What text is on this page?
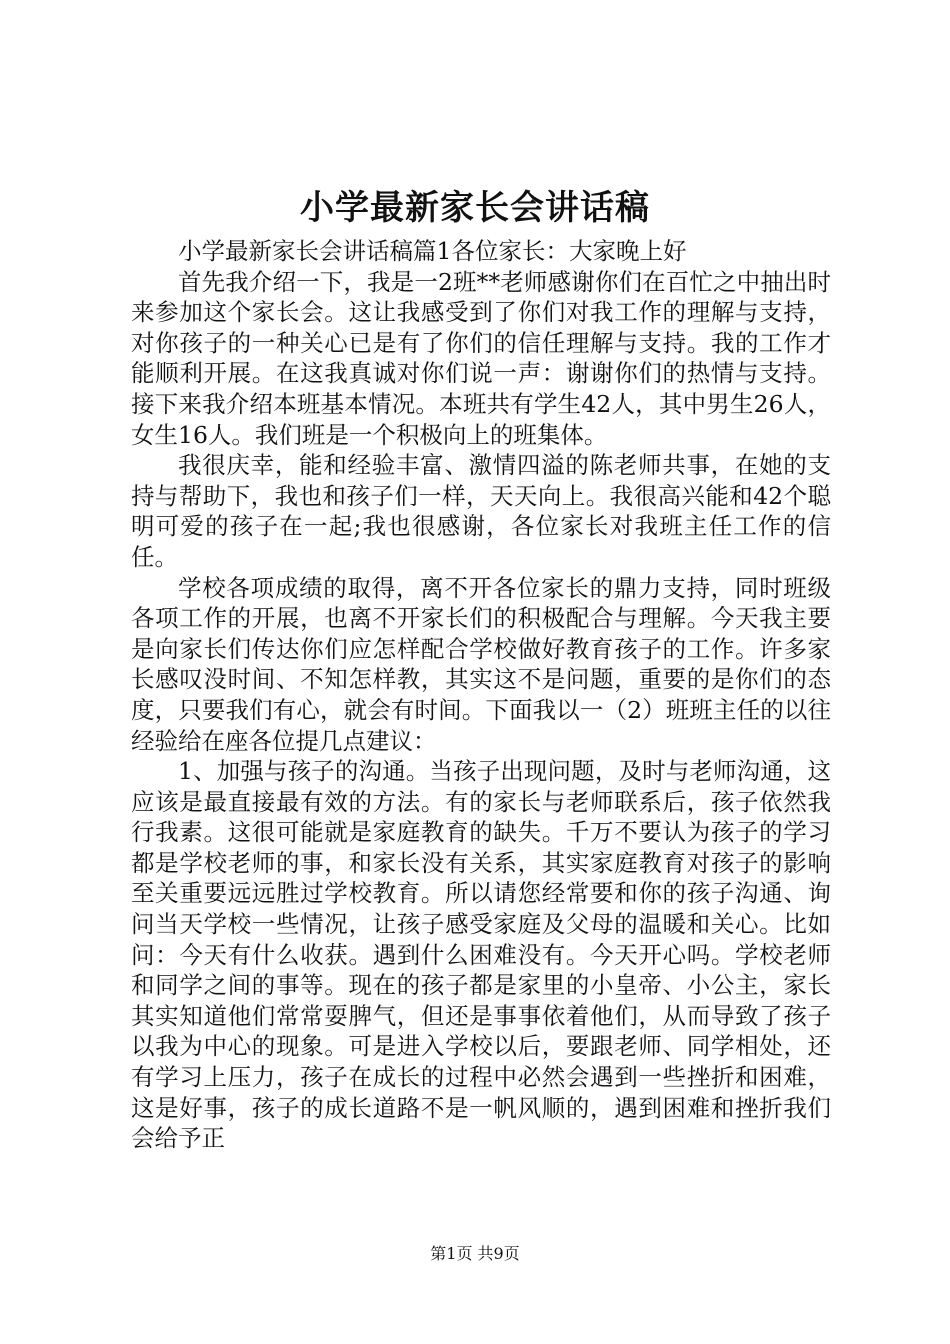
小学最新家长会讲话稿

小学最新家长会讲话稿篇1各位家长：大家晚上好

首先我介绍一下，我是一2班**老师感谢你们在百忙之中抽出时来参加这个家长会。这让我感受到了你们对我工作的理解与支持，对你孩子的一种关心已是有了你们的信任理解与支持。我的工作才能顺利开展。在这我真诚对你们说一声：谢谢你们的热情与支持。接下来我介绍本班基本情况。本班共有学生42人，其中男生26人，女生16人。我们班是一个积极向上的班集体。

我很庆幸，能和经验丰富、激情四溢的陈老师共事，在她的支持与帮助下，我也和孩子们一样，天天向上。我很高兴能和42个聪明可爱的孩子在一起;我也很感谢，各位家长对我班主任工作的信任。

学校各项成绩的取得，离不开各位家长的鼎力支持，同时班级各项工作的开展，也离不开家长们的积极配合与理解。今天我主要是向家长们传达你们应怎样配合学校做好教育孩子的工作。许多家长感叹没时间、不知怎样教，其实这不是问题，重要的是你们的态度，只要我们有心，就会有时间。下面我以一（2）班班主任的以往经验给在座各位提几点建议：

1、加强与孩子的沟通。当孩子出现问题，及时与老师沟通，这应该是最直接最有效的方法。有的家长与老师联系后，孩子依然我行我素。这很可能就是家庭教育的缺失。千万不要认为孩子的学习都是学校老师的事，和家长没有关系，其实家庭教育对孩子的影响至关重要远远胜过学校教育。所以请您经常要和你的孩子沟通、询问当天学校一些情况，让孩子感受家庭及父母的温暖和关心。比如问：今天有什么收获。遇到什么困难没有。今天开心吗。学校老师和同学之间的事等。现在的孩子都是家里的小皇帝、小公主，家长其实知道他们常常耍脾气，但还是事事依着他们，从而导致了孩子以我为中心的现象。可是进入学校以后，要跟老师、同学相处，还有学习上压力，孩子在成长的过程中必然会遇到一些挫折和困难，这是好事，孩子的成长道路不是一帆风顺的，遇到困难和挫折我们会给予正

第1页 共9页
